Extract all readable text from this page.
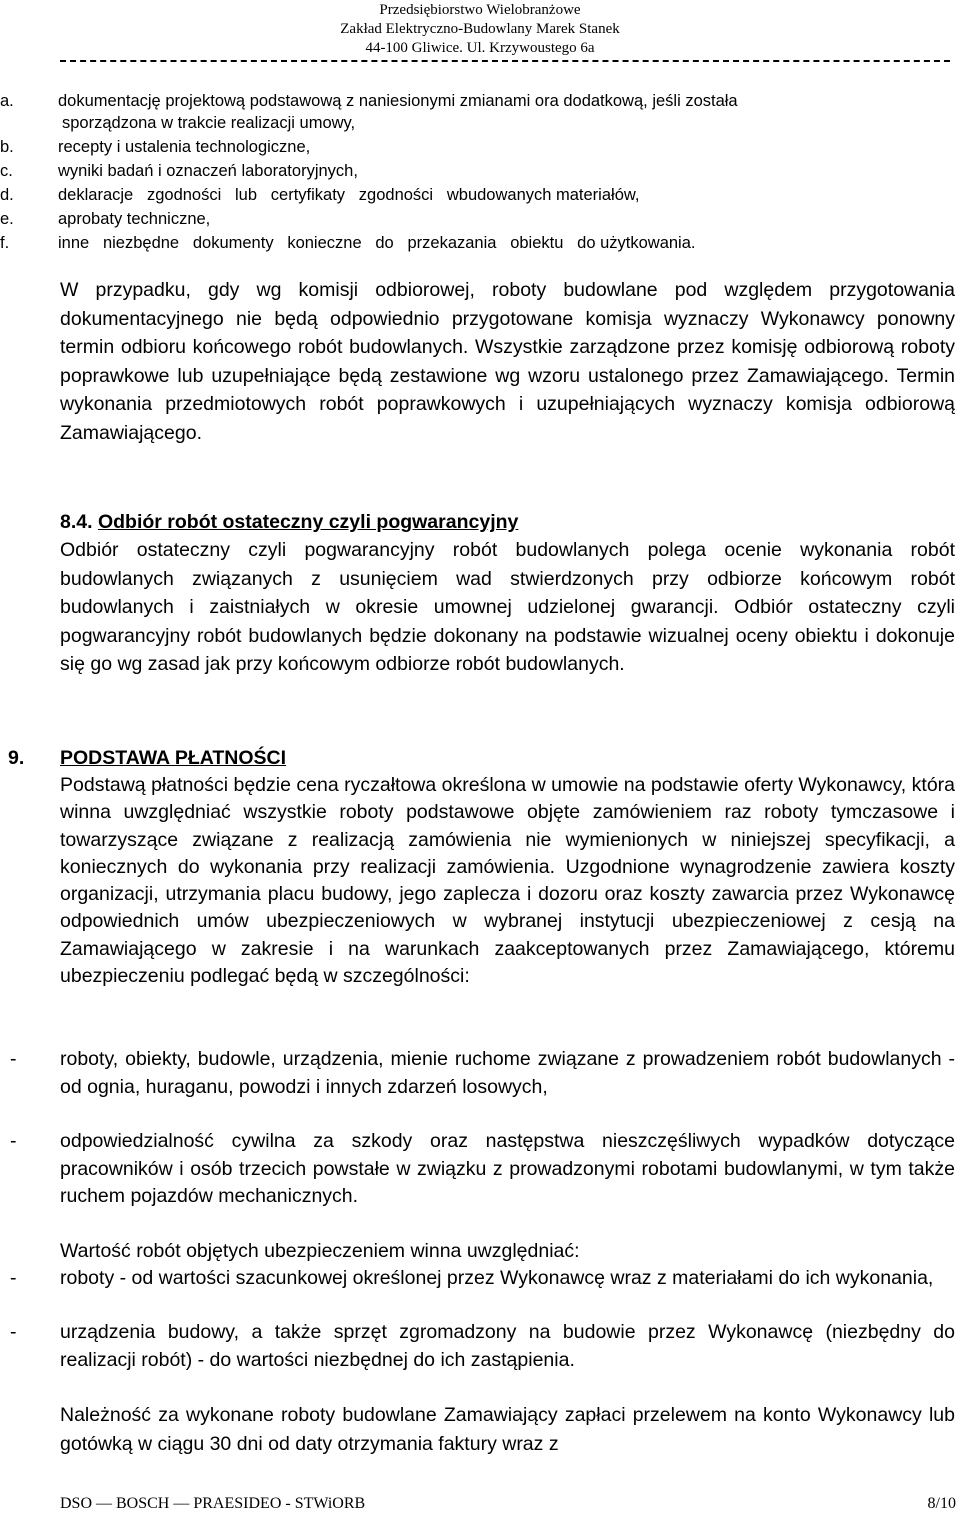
Przedsiębiorstwo Wielobranżowe
Zakład Elektryczno-Budowlany Marek Stanek
44-100 Gliwice. Ul. Krzywoustego 6a
a.	dokumentację projektową podstawową z naniesionymi zmianami ora dodatkową, jeśli została
sporządzona w trakcie realizacji umowy,
b.	recepty i ustalenia technologiczne,
c.	wyniki badań i oznaczeń laboratoryjnych,
d.	deklaracje   zgodności   lub   certyfikaty   zgodności   wbudowanych materiałów,
e.	aprobaty techniczne,
f.	inne   niezbędne   dokumenty   konieczne   do   przekazania   obiektu   do użytkowania.
W przypadku, gdy wg komisji odbiorowej, roboty budowlane pod względem przygotowania dokumentacyjnego nie będą odpowiednio przygotowane komisja wyznaczy Wykonawcy ponowny termin odbioru końcowego robót budowlanych. Wszystkie zarządzone przez komisję odbiorową roboty poprawkowe lub uzupełniające będą zestawione wg wzoru ustalonego przez Zamawiającego. Termin wykonania przedmiotowych robót poprawkowych i uzupełniających wyznaczy komisja odbiorową Zamawiającego.
8.4. Odbiór robót ostateczny czyli pogwarancyjny
Odbiór ostateczny czyli pogwarancyjny robót budowlanych polega ocenie wykonania robót budowlanych związanych z usunięciem wad stwierdzonych przy odbiorze końcowym robót budowlanych i zaistniałych w okresie umownej udzielonej gwarancji. Odbiór ostateczny czyli pogwarancyjny robót budowlanych będzie dokonany na podstawie wizualnej oceny obiektu i dokonuje się go wg zasad jak przy końcowym odbiorze robót budowlanych.
9. PODSTAWA PŁATNOŚCI
Podstawą płatności będzie cena ryczałtowa określona w umowie na podstawie oferty Wykonawcy, która winna uwzględniać wszystkie roboty podstawowe objęte zamówieniem raz roboty tymczasowe i towarzyszące związane z realizacją zamówienia nie wymienionych w niniejszej specyfikacji, a koniecznych do wykonania przy realizacji zamówienia. Uzgodnione wynagrodzenie zawiera koszty organizacji, utrzymania placu budowy, jego zaplecza i dozoru oraz koszty zawarcia przez Wykonawcę odpowiednich umów ubezpieczeniowych w wybranej instytucji ubezpieczeniowej z cesją na Zamawiającego w zakresie i na warunkach zaakceptowanych przez Zamawiającego, któremu ubezpieczeniu podlegać będą w szczególności:
- roboty, obiekty, budowle, urządzenia, mienie ruchome związane z prowadzeniem robót budowlanych - od ognia, huraganu, powodzi i innych zdarzeń losowych,
- odpowiedzialność cywilna za szkody oraz następstwa nieszczęśliwych wypadków dotyczące pracowników i osób trzecich powstałe w związku z prowadzonymi robotami budowlanymi, w tym także ruchem pojazdów mechanicznych.
Wartość robót objętych ubezpieczeniem winna uwzględniać:
- roboty - od wartości szacunkowej określonej przez Wykonawcę wraz z materiałami do ich wykonania,
- urządzenia budowy, a także sprzęt zgromadzony na budowie przez Wykonawcę (niezbędny do realizacji robót) - do wartości niezbędnej do ich zastąpienia.
Należność za wykonane roboty budowlane Zamawiający zapłaci przelewem na konto Wykonawcy lub gotówką w ciągu 30 dni od daty otrzymania faktury wraz z
DSO — BOSCH — PRAESIDEO - STWiORB	8/10
